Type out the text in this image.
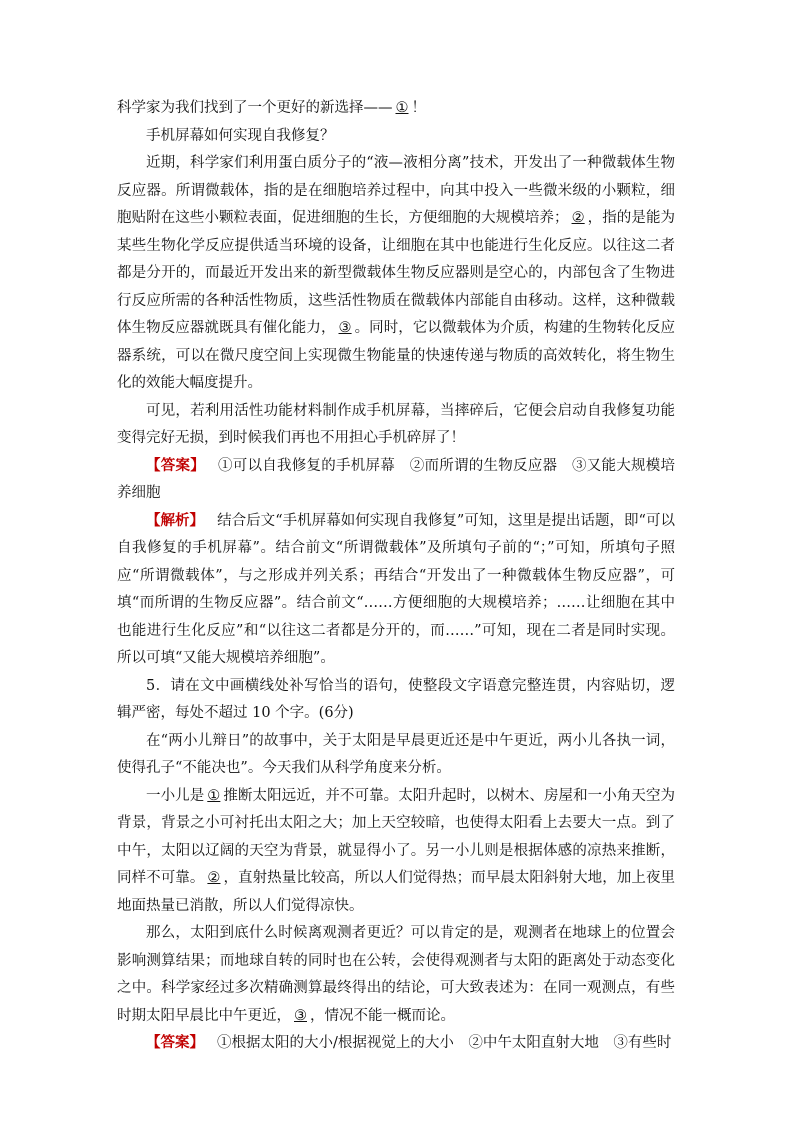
科学家为我们找到了一个更好的新选择—— ① ！

手机屏幕如何实现自我修复？

近期，科学家们利用蛋白质分子的“液—液相分离”技术，开发出了一种微载体生物反应器。所谓微载体，指的是在细胞培养过程中，向其中投入一些微米级的小颗粒，细胞贴附在这些小颗粒表面，促进细胞的生长，方便细胞的大规模培养； ② ，指的是能为某些生物化学反应提供适当环境的设备，让细胞在其中也能进行生化反应。以往这二者都是分开的，而最近开发出来的新型微载体生物反应器则是空心的，内部包含了生物进行反应所需的各种活性物质，这些活性物质在微载体内部能自由移动。这样，这种微载体生物反应器就既具有催化能力， ③ 。同时，它以微载体为介质，构建的生物转化反应器系统，可以在微尺度空间上实现微生物能量的快速传递与物质的高效转化，将生物生化的效能大幅度提升。

可见，若利用活性功能材料制作成手机屏幕，当摔碎后，它便会启动自我修复功能变得完好无损，到时候我们再也不用担心手机碎屏了！

【答案】 ①可以自我修复的手机屏幕　②而所谓的生物反应器　③又能大规模培养细胞

【解析】 结合后文“手机屏幕如何实现自我修复”可知，这里是提出话题，即“可以自我修复的手机屏幕”。结合前文“所谓微载体”及所填句子前的“；”可知，所填句子照应“所谓微载体”，与之形成并列关系；再结合“开发出了一种微载体生物反应器”，可填“而所谓的生物反应器”。结合前文“……方便细胞的大规模培养；……让细胞在其中也能进行生化反应”和“以往这二者都是分开的，而……”可知，现在二者是同时实现。所以可填“又能大规模培养细胞”。

5．请在文中画横线处补写恰当的语句，使整段文字语意完整连贯，内容贴切，逻辑严密，每处不超过 10 个字。(6分)

在“两小儿辩日”的故事中，关于太阳是早晨更近还是中午更近，两小儿各执一词，使得孔子“不能决也”。今天我们从科学角度来分析。

一小儿是 ① 推断太阳远近，并不可靠。太阳升起时，以树木、房屋和一小角天空为背景，背景之小可衬托出太阳之大；加上天空较暗，也使得太阳看上去要大一点。到了中午，太阳以辽阔的天空为背景，就显得小了。另一小儿则是根据体感的凉热来推断，同样不可靠。 ② ，直射热量比较高，所以人们觉得热；而早晨太阳斜射大地，加上夜里地面热量已消散，所以人们觉得凉快。

那么，太阳到底什么时候离观测者更近？可以肯定的是，观测者在地球上的位置会影响测算结果；而地球自转的同时也在公转，会使得观测者与太阳的距离处于动态变化之中。科学家经过多次精确测算最终得出的结论，可大致表述为：在同一观测点，有些时期太阳早晨比中午更近， ③ ，情况不能一概而论。

【答案】 ①根据太阳的大小/根据视觉上的大小　②中午太阳直射大地　③有些时
